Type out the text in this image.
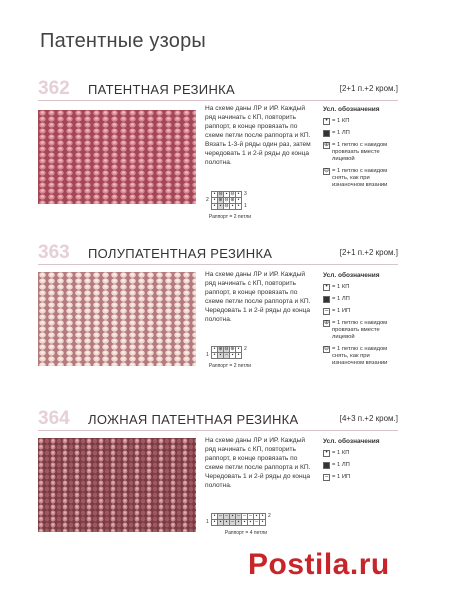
Патентные узоры
362 ПАТЕНТНАЯ РЕЗИНКА	[2+1 п.+2 кром.]
На схеме даны ЛР и ИР. Каждый ряд начинать с КП, повторить раппорт, в конце провязать по схеме петли после раппорта и КП. Вязать 1-3-й ряды один раз, затем чередовать 1 и 2-й ряды до конца полотна.
Усл. обозначения
• = 1 КП
= 1 ЛП
⊕ = 1 петлю с накидом провязать вместе лицевой
⊖ = 1 петлю с накидом снять, как при изнаночном вязании
• ⊖ ▪ ⊖ • 3
2 • ⊕ ⊖ ⊕ •
• ▪ ⊖ ▪ • 1
Раппорт = 2 петли
363 ПОЛУПАТЕНТНАЯ РЕЗИНКА	[2+1 п.+2 кром.]
На схеме даны ЛР и ИР. Каждый ряд начинать с КП, повторить раппорт, в конце провязать по схеме петли после раппорта и КП. Чередовать 1 и 2-й ряды до конца полотна.
Усл. обозначения
• = 1 КП
= 1 ЛП
– = 1 ИП
⊕ = 1 петлю с накидом провязать вместе лицевой
⊖ = 1 петлю с накидом снять, как при изнаночном вязании
• ⊕ ⊖ ⊕ • 2
1 • ▪ – ▪ •
Раппорт = 2 петли
364 ЛОЖНАЯ ПАТЕНТНАЯ РЕЗИНКА	[4+3 п.+2 кром.]
На схеме даны ЛР и ИР. Каждый ряд начинать с КП, повторить раппорт, в конце провязать по схеме петли после раппорта и КП. Чередовать 1 и 2-й ряды до конца полотна.
Усл. обозначения
• = 1 КП
= 1 ЛП
– = 1 ИП
• – – ▪ – – – ▪ • 2
1 • ▪ ▪ – ▪ ▪ ▪ – •
Раппорт = 4 петли
Postila.ru
